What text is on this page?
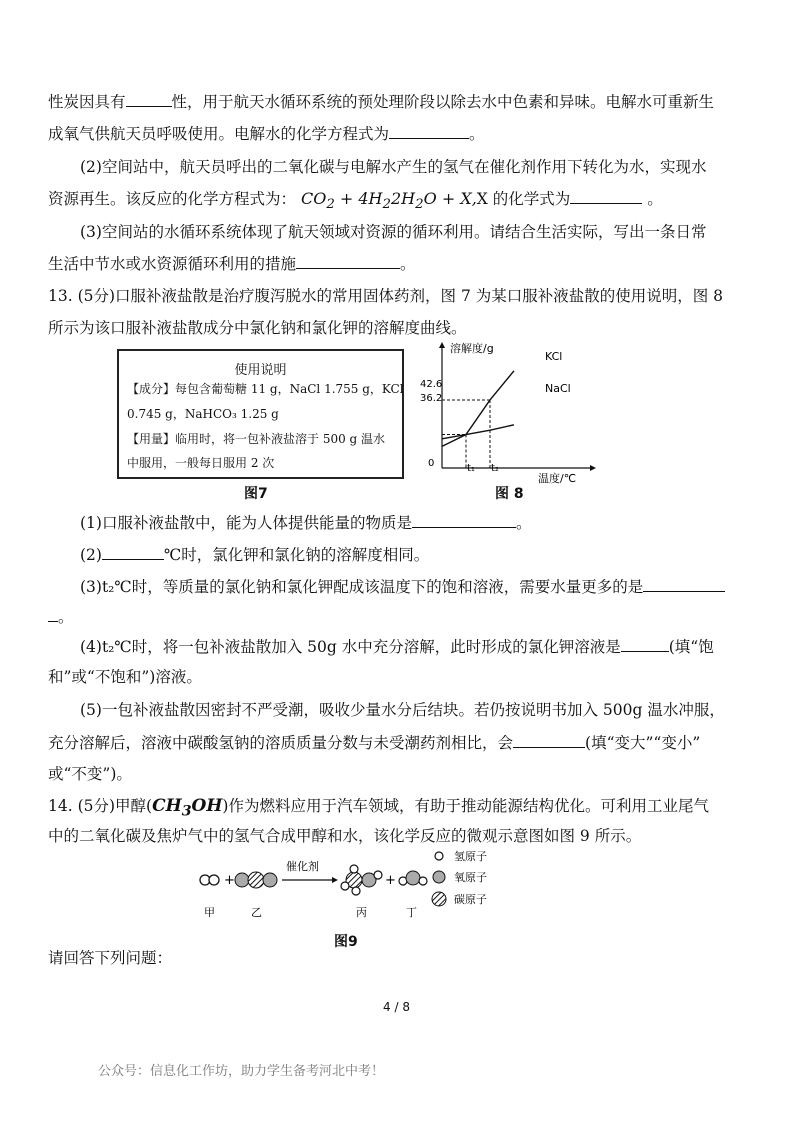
性炭因具有	性，用于航天水循环系统的预处理阶段以除去水中色素和异味。电解水可重新生
成氧气供航天员呼吸使用。电解水的化学方程式为	。
(2)空间站中，航天员呼出的二氧化碳与电解水产生的氢气在催化剂作用下转化为水，实现水
资源再生。该反应的化学方程式为： $CO_2 + 4H_22H_2O + X,X$ 的化学式为	。
(3)空间站的水循环系统体现了航天领域对资源的循环利用。请结合生活实际，写出一条日常
生活中节水或水资源循环利用的措施	。
13. (5分)口服补液盐散是治疗腹泻脱水的常用固体药剂，图 7 为某口服补液盐散的使用说明，图 8
所示为该口服补液盐散成分中氯化钠和氯化钾的溶解度曲线。
使用说明
【成分】每包含葡萄糖 11 g，NaCl 1.755 g，KCl
0.745 g，NaHCO₃ 1.25 g
【用量】临用时，将一包补液盐溶于 500 g 温水
中服用，一般每日服用 2 次
图7
溶解度/g
温度/℃
0
42.6
36.2
t₁ t₂
KCl
NaCl
图 8
(1)口服补液盐散中，能为人体提供能量的物质是	。
(2)	℃时，氯化钾和氯化钠的溶解度相同。
(3)t₂℃时，等质量的氯化钠和氯化钾配成该温度下的饱和溶液，需要水量更多的是
。
(4)t₂℃时，将一包补液盐散加入 50g 水中充分溶解，此时形成的氯化钾溶液是	(填“饱
和”或“不饱和”)溶液。
(5)一包补液盐散因密封不严受潮，吸收少量水分后结块。若仍按说明书加入 500g 温水冲服，
充分溶解后，溶液中碳酸氢钠的溶质质量分数与未受潮药剂相比，会	(填“变大”“变小”
或“不变”)。
14. (5分)甲醇$(CH_3OH)$作为燃料应用于汽车领域，有助于推动能源结构优化。可利用工业尾气
中的二氧化碳及焦炉气中的氢气合成甲醇和水，该化学反应的微观示意图如图 9 所示。
+
催化剂
+
氢原子
氧原子
碳原子
甲	乙	丙	丁
图9
请回答下列问题：
4 / 8
公众号：信息化工作坊，助力学生备考河北中考！
